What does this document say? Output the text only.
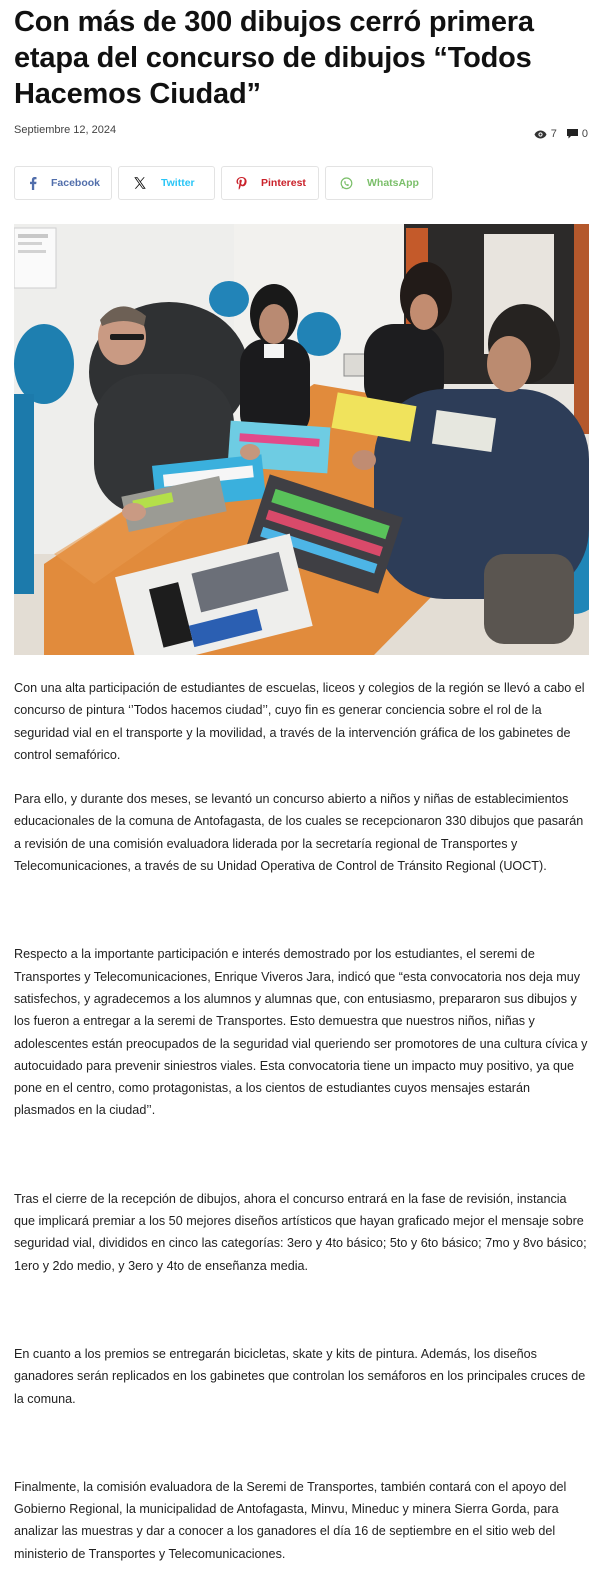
Con más de 300 dibujos cerró primera etapa del concurso de dibujos “Todos Hacemos Ciudad”
Septiembre 12, 2024	7 0
Facebook	Twitter	Pinterest	WhatsApp

Con una alta participación de estudiantes de escuelas, liceos y colegios de la región se llevó a cabo el concurso de pintura ‘’Todos hacemos ciudad’’, cuyo fin es generar conciencia sobre el rol de la seguridad vial en el transporte y la movilidad, a través de la intervención gráfica de los gabinetes de control semafórico.

Para ello, y durante dos meses, se levantó un concurso abierto a niños y niñas de establecimientos educacionales de la comuna de Antofagasta, de los cuales se recepcionaron 330 dibujos que pasarán a revisión de una comisión evaluadora liderada por la secretaría regional de Transportes y Telecomunicaciones, a través de su Unidad Operativa de Control de Tránsito Regional (UOCT).

Respecto a la importante participación e interés demostrado por los estudiantes, el seremi de Transportes y Telecomunicaciones, Enrique Viveros Jara, indicó que “esta convocatoria nos deja muy satisfechos, y agradecemos a los alumnos y alumnas que, con entusiasmo, prepararon sus dibujos y los fueron a entregar a la seremi de Transportes. Esto demuestra que nuestros niños, niñas y adolescentes están preocupados de la seguridad vial queriendo ser promotores de una cultura cívica y autocuidado para prevenir siniestros viales. Esta convocatoria tiene un impacto muy positivo, ya que pone en el centro, como protagonistas, a los cientos de estudiantes cuyos mensajes estarán plasmados en la ciudad’’.

Tras el cierre de la recepción de dibujos, ahora el concurso entrará en la fase de revisión, instancia que implicará premiar a los 50 mejores diseños artísticos que hayan graficado mejor el mensaje sobre seguridad vial, divididos en cinco las categorías: 3ero y 4to básico; 5to y 6to básico; 7mo y 8vo básico; 1ero y 2do medio, y 3ero y 4to de enseñanza media.

En cuanto a los premios se entregarán bicicletas, skate y kits de pintura. Además, los diseños ganadores serán replicados en los gabinetes que controlan los semáforos en los principales cruces de la comuna.

Finalmente, la comisión evaluadora de la Seremi de Transportes, también contará con el apoyo del Gobierno Regional, la municipalidad de Antofagasta, Minvu, Mineduc y minera Sierra Gorda, para analizar las muestras y dar a conocer a los ganadores el día 16 de septiembre en el sitio web del ministerio de Transportes y Telecomunicaciones.
